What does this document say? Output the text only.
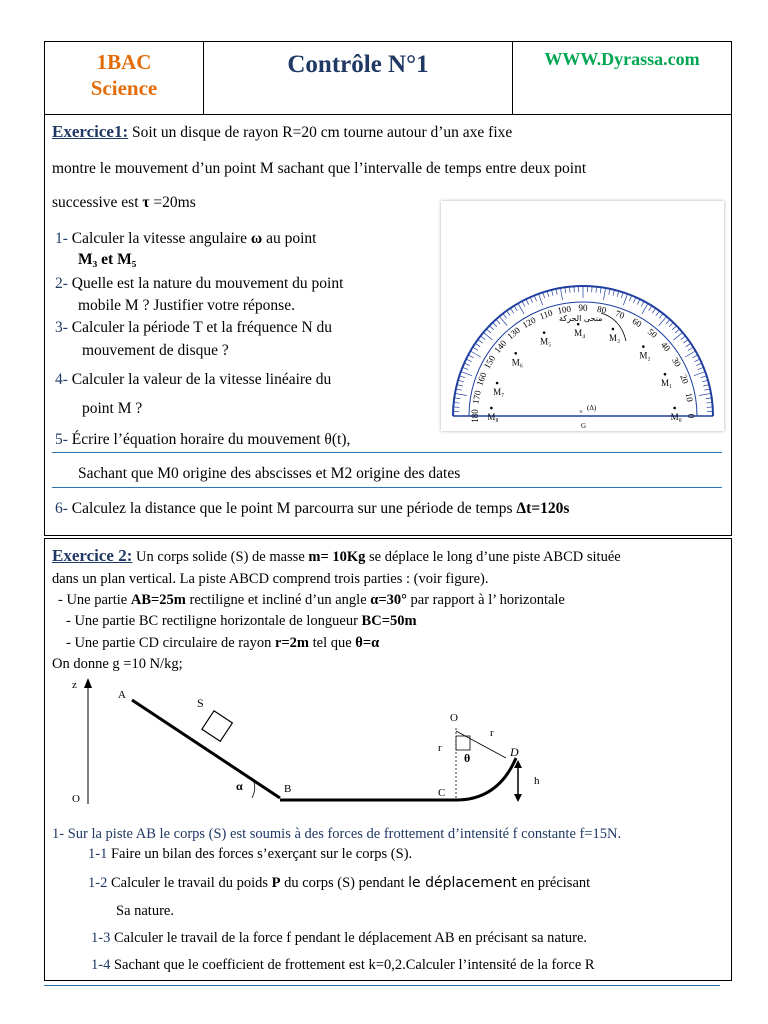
1BAC
Science
Contrôle N°1	WWW.Dyrassa.com
Exercice1: Soit un disque de rayon R=20 cm tourne autour d’un axe fixe
montre le mouvement d’un point M sachant que l’intervalle de temps entre deux point
successive est τ =20ms
1- Calculer la vitesse angulaire ω au point
M₃ et M₅
2- Quelle est la nature du mouvement du point
mobile M ? Justifier votre réponse.
3- Calculer la période T et la fréquence N du
mouvement de disque ?
4- Calculer la valeur de la vitesse linéaire du
point M ?
5- Écrire l’équation horaire du mouvement θ(t),
Sachant que M0 origine des abscisses et M2 origine des dates
6- Calculez la distance que le point M parcourra sur une période de temps Δt=120s
180
170
160
150
140
130
120
110 100 90 80 70
60
50
40
30
20
10
0
M₀
M₁
M₂
M₃
M₄
M₅
M₆
M₇
M₈
منحى الحركة
(Δ)
G
×
Exercice 2: Un corps solide (S) de masse m= 10Kg se déplace le long d’une piste ABCD située
dans un plan vertical. La piste ABCD comprend trois parties : (voir figure).
- Une partie AB=25m rectiligne et incliné d’un angle α=30° par rapport à l’ horizontale
- Une partie BC rectiligne horizontale de longueur BC=50m
- Une partie CD circulaire de rayon r=2m tel que θ=α
On donne g =10 N/kg;
z
O
A
S
α	B
O
r
r
θ	D
C
h
1- Sur la piste AB le corps (S) est soumis à des forces de frottement d’intensité f constante f=15N.
1-1 Faire un bilan des forces s’exerçant sur le corps (S).
1-2 Calculer le travail du poids P du corps (S) pendant le déplacement en précisant
Sa nature.
1-3 Calculer le travail de la force f pendant le déplacement AB en précisant sa nature.
1-4 Sachant que le coefficient de frottement est k=0,2.Calculer l’intensité de la force R
